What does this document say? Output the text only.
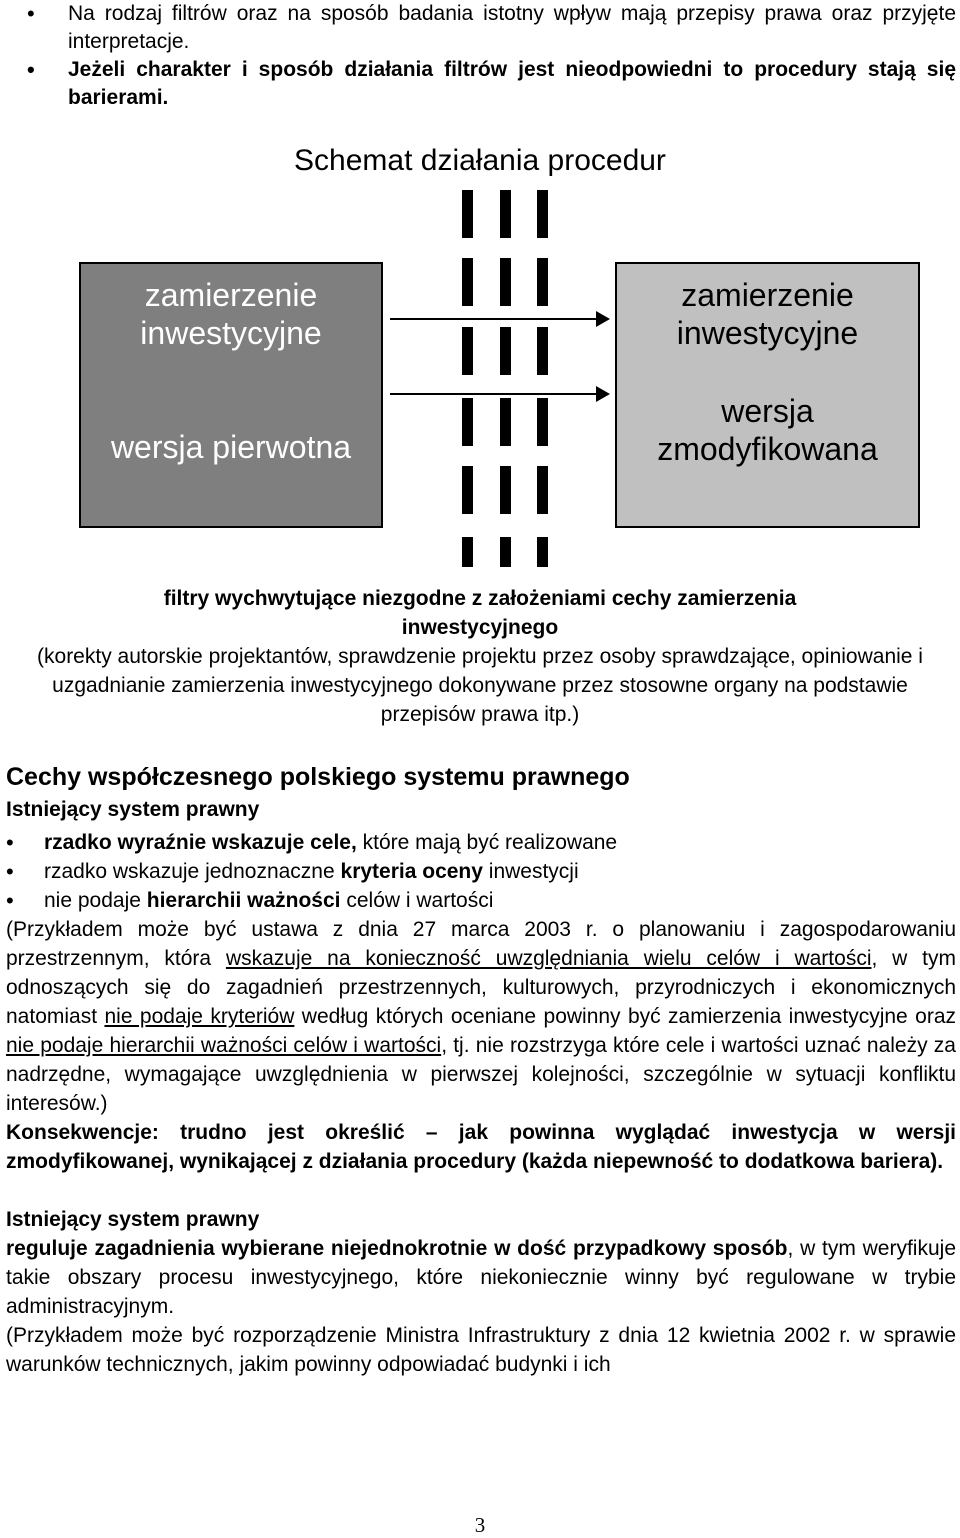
• Na rodzaj filtrów oraz na sposób badania istotny wpływ mają przepisy prawa oraz przyjęte interpretacje.
• Jeżeli charakter i sposób działania filtrów jest nieodpowiedni to procedury stają się barierami.
Schemat działania procedur
zamierzenie inwestycyjne
wersja pierwotna
zamierzenie inwestycyjne
wersja zmodyfikowana
filtry wychwytujące niezgodne z założeniami cechy zamierzenia inwestycyjnego
(korekty autorskie projektantów, sprawdzenie projektu przez osoby sprawdzające, opiniowanie i uzgadnianie zamierzenia inwestycyjnego dokonywane przez stosowne organy na podstawie przepisów prawa itp.)
Cechy współczesnego polskiego systemu prawnego
Istniejący system prawny
• rzadko wyraźnie wskazuje cele, które mają być realizowane
• rzadko wskazuje jednoznaczne kryteria oceny inwestycji
• nie podaje hierarchii ważności celów i wartości
(Przykładem może być ustawa z dnia 27 marca 2003 r. o planowaniu i zagospodarowaniu przestrzennym, która wskazuje na konieczność uwzględniania wielu celów i wartości, w tym odnoszących się do zagadnień przestrzennych, kulturowych, przyrodniczych i ekonomicznych natomiast nie podaje kryteriów według których oceniane powinny być zamierzenia inwestycyjne oraz nie podaje hierarchii ważności celów i wartości, tj. nie rozstrzyga które cele i wartości uznać należy za nadrzędne, wymagające uwzględnienia w pierwszej kolejności, szczególnie w sytuacji konfliktu interesów.)
Konsekwencje: trudno jest określić – jak powinna wyglądać inwestycja w wersji zmodyfikowanej, wynikającej z działania procedury (każda niepewność to dodatkowa bariera).
Istniejący system prawny
reguluje zagadnienia wybierane niejednokrotnie w dość przypadkowy sposób, w tym weryfikuje takie obszary procesu inwestycyjnego, które niekoniecznie winny być regulowane w trybie administracyjnym.
(Przykładem może być rozporządzenie Ministra Infrastruktury z dnia 12 kwietnia 2002 r. w sprawie warunków technicznych, jakim powinny odpowiadać budynki i ich
3
